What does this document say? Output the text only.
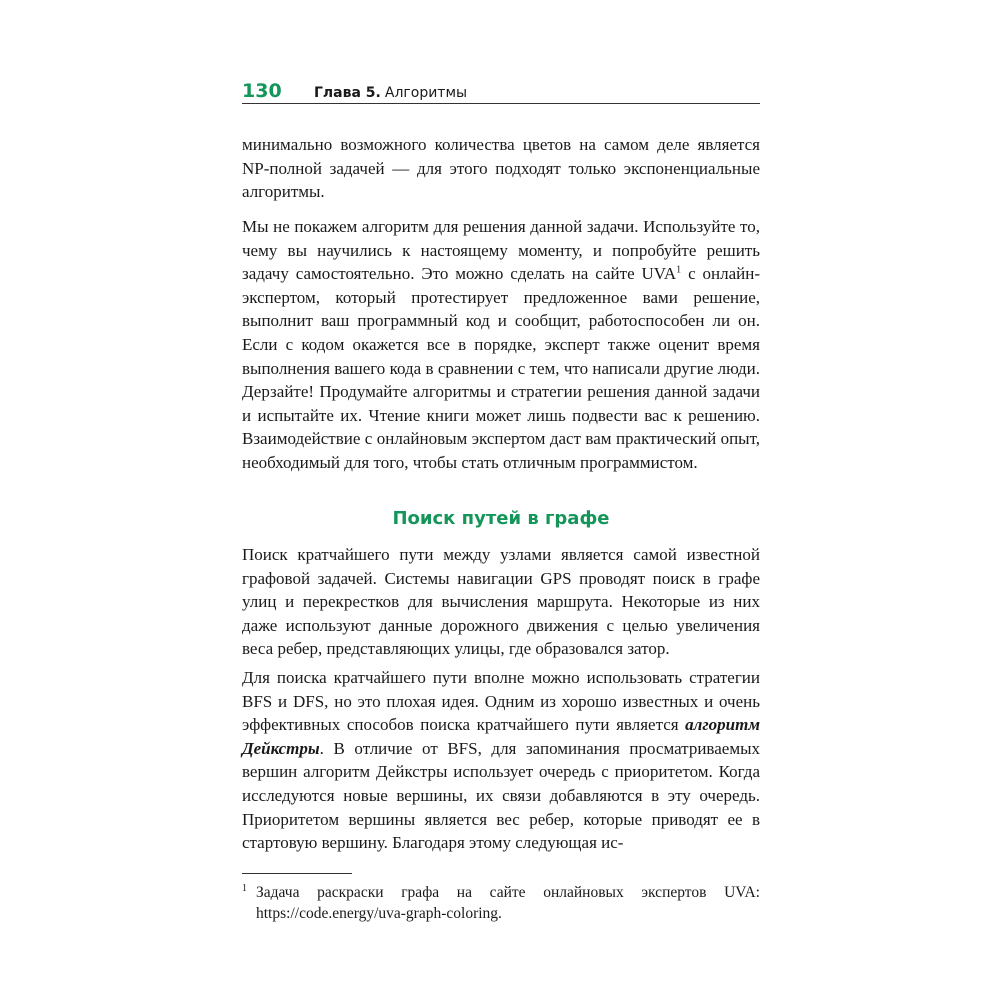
130	Глава 5. Алгоритмы

минимально возможного количества цветов на самом деле является NP-полной задачей — для этого подходят только экспоненциальные алгоритмы.

Мы не покажем алгоритм для решения данной задачи. Используйте то, чему вы научились к настоящему моменту, и попробуйте решить задачу самостоятельно. Это можно сделать на сайте UVA$^1$ с онлайн-экспертом, который протестирует предложенное вами решение, выполнит ваш программный код и сообщит, работоспособен ли он. Если с кодом окажется все в порядке, эксперт также оценит время выполнения вашего кода в сравнении с тем, что написали другие люди. Дерзайте! Продумайте алгоритмы и стратегии решения данной задачи и испытайте их. Чтение книги может лишь подвести вас к решению. Взаимодействие с онлайновым экспертом даст вам практический опыт, необходимый для того, чтобы стать отличным программистом.

Поиск путей в графе

Поиск кратчайшего пути между узлами является самой известной графовой задачей. Системы навигации GPS проводят поиск в графе улиц и перекрестков для вычисления маршрута. Некоторые из них даже используют данные дорожного движения с целью увеличения веса ребер, представляющих улицы, где образовался затор.

Для поиска кратчайшего пути вполне можно использовать стратегии BFS и DFS, но это плохая идея. Одним из хорошо известных и очень эффективных способов поиска кратчайшего пути является алгоритм Дейкстры. В отличие от BFS, для запоминания просматриваемых вершин алгоритм Дейкстры использует очередь с приоритетом. Когда исследуются новые вершины, их связи добавляются в эту очередь. Приоритетом вершины является вес ребер, которые приводят ее в стартовую вершину. Благодаря этому следующая ис-

1 Задача раскраски графа на сайте онлайновых экспертов UVA: https://code.energy/uva-graph-coloring.
